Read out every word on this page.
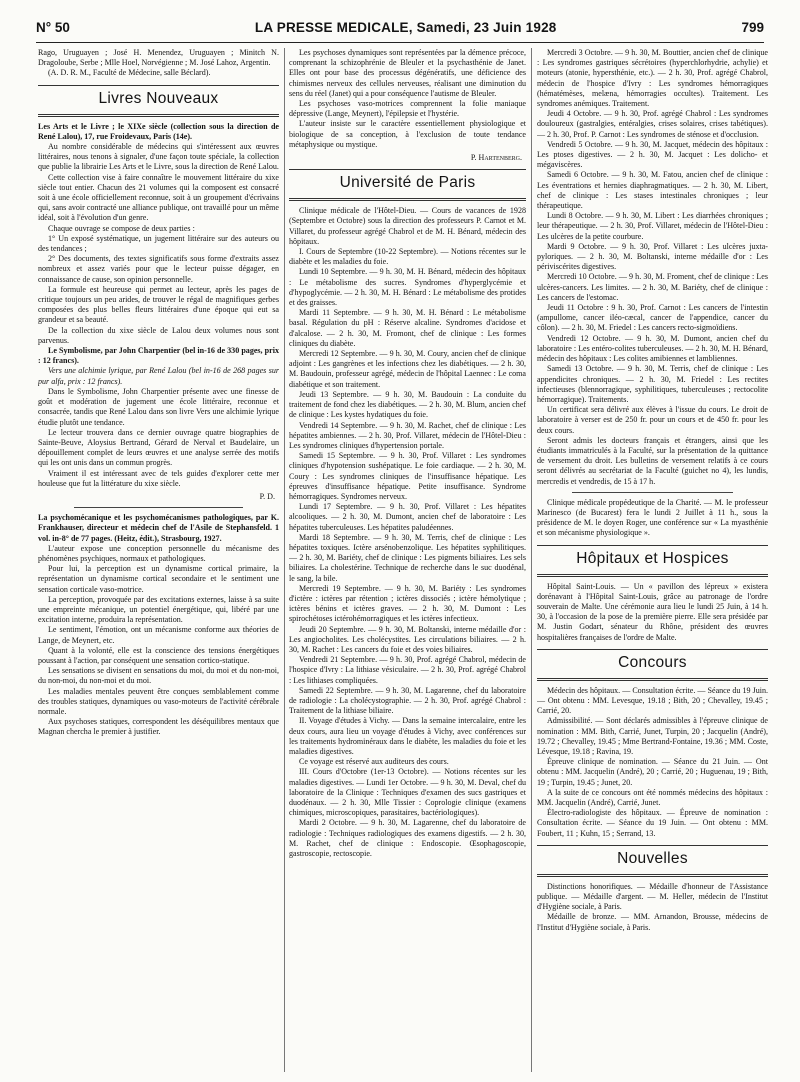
N° 50	LA PRESSE MEDICALE, Samedi, 23 Juin 1928	799

Rago, Uruguayen ; José H. Menendez, Uruguayen ; Minitch N. Dragoloube, Serbe ; Mlle Hoel, Norvégienne ; M. José Lahoz, Argentin.

(A. D. R. M., Faculté de Médecine, salle Béclard).

Livres Nouveaux

Les Arts et le Livre ; le XIXe siècle (collection sous la direction de René Lalou), 17, rue Froidevaux, Paris (14e).

Au nombre considérable de médecins qui s'intéressent aux œuvres littéraires, nous tenons à signaler, d'une façon toute spéciale, la collection que publie la librairie Les Arts et le Livre, sous la direction de René Lalou.

Cette collection vise à faire connaître le mouvement littéraire du xixe siècle tout entier. Chacun des 21 volumes qui la composent est consacré soit à une école officiellement reconnue, soit à un groupement d'écrivains qui, sans avoir contracté une alliance publique, ont travaillé pour un même idéal, soit à l'évolution d'un genre.

Chaque ouvrage se compose de deux parties :

1° Un exposé systématique, un jugement littéraire sur des auteurs ou des tendances ;

2° Des documents, des textes significatifs sous forme d'extraits assez nombreux et assez variés pour que le lecteur puisse dégager, en connaissance de cause, son opinion personnelle.

La formule est heureuse qui permet au lecteur, après les pages de critique toujours un peu arides, de trouver le régal de magnifiques gerbes composées des plus belles fleurs littéraires d'une époque qui eut sa grandeur et sa beauté.

De la collection du xixe siècle de Lalou deux volumes nous sont parvenus.

Le Symbolisme, par John Charpentier (bel in-16 de 330 pages, prix : 12 francs).

Vers une alchimie lyrique, par René Lalou (bel in-16 de 268 pages sur pur alfa, prix : 12 francs).

Dans le Symbolisme, John Charpentier présente avec une finesse de goût et modération de jugement une école littéraire, reconnue et consacrée, tandis que René Lalou dans son livre Vers une alchimie lyrique étudie plutôt une tendance.

Le lecteur trouvera dans ce dernier ouvrage quatre biographies de Sainte-Beuve, Aloysius Bertrand, Gérard de Nerval et Baudelaire, un dépouillement complet de leurs œuvres et une analyse serrée des motifs qui les ont unis dans un commun progrès.

Vraiment il est intéressant avec de tels guides d'explorer cette mer houleuse que fut la littérature du xixe siècle.

P. D.

La psychomécanique et les psychomécanismes pathologiques, par K. Frankhauser, directeur et médecin chef de l'Asile de Stephansfeld. 1 vol. in-8° de 77 pages. (Heitz, édit.), Strasbourg, 1927.

L'auteur expose une conception personnelle du mécanisme des phénomènes psychiques, normaux et pathologiques.

Pour lui, la perception est un dynamisme cortical primaire, la représentation un dynamisme cortical secondaire et le sentiment une sensation corticale vaso-motrice.

La perception, provoquée par des excitations externes, laisse à sa suite une empreinte mécanique, un potentiel énergétique, qui, libéré par une excitation interne, produira la représentation.

Le sentiment, l'émotion, ont un mécanisme conforme aux théories de Lange, de Meynert, etc.

Quant à la volonté, elle est la conscience des tensions énergétiques poussant à l'action, par conséquent une sensation cortico-statique.

Les sensations se divisent en sensations du moi, du moi et du non-moi, du non-moi, du non-moi et du moi.

Les maladies mentales peuvent être conçues semblablement comme des troubles statiques, dynamiques ou vaso-moteurs de l'activité cérébrale normale.

Aux psychoses statiques, correspondent les déséquilibres mentaux que Magnan chercha le premier à justifier.

Les psychoses dynamiques sont représentées par la démence précoce, comprenant la schizophrénie de Bleuler et la psychasthénie de Janet. Elles ont pour base des processus dégénératifs, une déficience des chimismes nerveux des cellules nerveuses, réalisant une diminution du sens du réel (Janet) qui a pour conséquence l'autisme de Bleuler.

Les psychoses vaso-motrices comprennent la folie maniaque dépressive (Lange, Meynert), l'épilepsie et l'hystérie.

L'auteur insiste sur le caractère essentiellement physiologique et biologique de sa conception, à l'exclusion de toute tendance métaphysique ou mystique.

P. Hartenberg.

Université de Paris

Clinique médicale de l'Hôtel-Dieu. — Cours de vacances de 1928 (Septembre et Octobre) sous la direction des professeurs P. Carnot et M. Villaret, du professeur agrégé Chabrol et de M. H. Bénard, médecin des hôpitaux.

I. Cours de Septembre (10-22 Septembre). — Notions récentes sur le diabète et les maladies du foie.

Lundi 10 Septembre. — 9 h. 30, M. H. Bénard, médecin des hôpitaux : Le métabolisme des sucres. Syndromes d'hyperglycémie et d'hypoglycémie. — 2 h. 30, M. H. Bénard : Le métabolisme des protides et des graisses.

Mardi 11 Septembre. — 9 h. 30, M. H. Bénard : Le métabolisme basal. Régulation du pH : Réserve alcaline. Syndromes d'acidose et d'alcalose. — 2 h. 30, M. Fromont, chef de clinique : Les formes cliniques du diabète.

Mercredi 12 Septembre. — 9 h. 30, M. Coury, ancien chef de clinique adjoint : Les gangrènes et les infections chez les diabétiques. — 2 h. 30, M. Baudouin, professeur agrégé, médecin de l'hôpital Laennec : Le coma diabétique et son traitement.

Jeudi 13 Septembre. — 9 h. 30, M. Baudouin : La conduite du traitement de fond chez les diabétiques. — 2 h. 30, M. Blum, ancien chef de clinique : Les kystes hydatiques du foie.

Vendredi 14 Septembre. — 9 h. 30, M. Rachet, chef de clinique : Les hépatites ambiennes. — 2 h. 30, Prof. Villaret, médecin de l'Hôtel-Dieu : Les syndromes cliniques d'hypertension portale.

Samedi 15 Septembre. — 9 h. 30, Prof. Villaret : Les syndromes cliniques d'hypotension sushépatique. Le foie cardiaque. — 2 h. 30, M. Coury : Les syndromes cliniques de l'insuffisance hépatique. Les épreuves d'insuffisance hépatique. Petite insuffisance. Syndrome hémorragiques. Syndromes nerveux.

Lundi 17 Septembre. — 9 h. 30, Prof. Villaret : Les hépatites alcooliques. — 2 h. 30, M. Dumont, ancien chef de laboratoire : Les hépatites tuberculeuses. Les hépatites paludéennes.

Mardi 18 Septembre. — 9 h. 30, M. Terris, chef de clinique : Les hépatites toxiques. Ictère arsénobenzolique. Les hépatites syphilitiques. — 2 h. 30, M. Bariéty, chef de clinique : Les pigments biliaires. Les sels biliaires. La cholestérine. Technique de recherche dans le suc duodénal, le sang, la bile.

Mercredi 19 Septembre. — 9 h. 30, M. Bariéty : Les syndromes d'ictère : ictères par rétention ; ictères dissociés ; ictère hémolytique ; ictères bénins et ictères graves. — 2 h. 30, M. Dumont : Les spirochétoses ictérohémorragiques et les ictères infectieux.

Jeudi 20 Septembre. — 9 h. 30, M. Boltanski, interne médaille d'or : Les angiocholites. Les cholécystites. Les circulations biliaires. — 2 h. 30, M. Rachet : Les cancers du foie et des voies biliaires.

Vendredi 21 Septembre. — 9 h. 30, Prof. agrégé Chabrol, médecin de l'hospice d'Ivry : La lithiase vésiculaire. — 2 h. 30, Prof. agrégé Chabrol : Les lithiases compliquées.

Samedi 22 Septembre. — 9 h. 30, M. Lagarenne, chef du laboratoire de radiologie : La cholécystographie. — 2 h. 30, Prof. agrégé Chabrol : Traitement de la lithiase biliaire.

II. Voyage d'études à Vichy. — Dans la semaine intercalaire, entre les deux cours, aura lieu un voyage d'études à Vichy, avec conférences sur les traitements hydrominéraux dans le diabète, les maladies du foie et les maladies digestives.

Ce voyage est réservé aux auditeurs des cours.

III. Cours d'Octobre (1er-13 Octobre). — Notions récentes sur les maladies digestives. — Lundi 1er Octobre. — 9 h. 30, M. Deval, chef du laboratoire de la Clinique : Techniques d'examen des sucs gastriques et duodénaux. — 2 h. 30, Mlle Tissier : Coprologie clinique (examens chimiques, microscopiques, parasitaires, bactériologiques).

Mardi 2 Octobre. — 9 h. 30, M. Lagarenne, chef du laboratoire de radiologie : Techniques radiologiques des examens digestifs. — 2 h. 30, M. Rachet, chef de clinique : Endoscopie. Œsophagoscopie, gastroscopie, rectoscopie.

Mercredi 3 Octobre. — 9 h. 30, M. Bouttier, ancien chef de clinique : Les syndromes gastriques sécrétoires (hyperchlorhydrie, achylie) et moteurs (atonie, hypersthénie, etc.). — 2 h. 30, Prof. agrégé Chabrol, médecin de l'hospice d'Ivry : Les syndromes hémorragiques (hématémèses, melæna, hémorragies occultes). Traitement. Les syndromes anémiques. Traitement.

Jeudi 4 Octobre. — 9 h. 30, Prof. agrégé Chabrol : Les syndromes douloureux (gastralgies, entéralgies, crises solaires, crises tabétiques). — 2 h. 30, Prof. P. Carnot : Les syndromes de sténose et d'occlusion.

Vendredi 5 Octobre. — 9 h. 30, M. Jacquet, médecin des hôpitaux : Les ptoses digestives. — 2 h. 30, M. Jacquet : Les dolicho- et mégaviscères.

Samedi 6 Octobre. — 9 h. 30, M. Fatou, ancien chef de clinique : Les éventrations et hernies diaphragmatiques. — 2 h. 30, M. Libert, chef de clinique : Les stases intestinales chroniques ; leur thérapeutique.

Lundi 8 Octobre. — 9 h. 30, M. Libert : Les diarrhées chroniques ; leur thérapeutique. — 2 h. 30, Prof. Villaret, médecin de l'Hôtel-Dieu : Les ulcères de la petite courbure.

Mardi 9 Octobre. — 9 h. 30, Prof. Villaret : Les ulcères juxta-pyloriques. — 2 h. 30, M. Boltanski, interne médaille d'or : Les périviscérites digestives.

Mercredi 10 Octobre. — 9 h. 30, M. Froment, chef de clinique : Les ulcères-cancers. Les limites. — 2 h. 30, M. Bariéty, chef de clinique : Les cancers de l'estomac.

Jeudi 11 Octobre : 9 h. 30, Prof. Carnot : Les cancers de l'intestin (ampullome, cancer iléo-cæcal, cancer de l'appendice, cancer du côlon). — 2 h. 30, M. Friedel : Les cancers recto-sigmoïdiens.

Vendredi 12 Octobre. — 9 h. 30, M. Dumont, ancien chef du laboratoire : Les entéro-colites tuberculeuses. — 2 h. 30, M. H. Bénard, médecin des hôpitaux : Les colites amibiennes et lambliennes.

Samedi 13 Octobre. — 9 h. 30, M. Terris, chef de clinique : Les appendicites chroniques. — 2 h. 30, M. Friedel : Les rectites infectieuses (blennorragique, syphilitiques, tuberculeuses ; rectocolite hémorragique). Traitements.

Un certificat sera délivré aux élèves à l'issue du cours. Le droit de laboratoire à verser est de 250 fr. pour un cours et de 450 fr. pour les deux cours.

Seront admis les docteurs français et étrangers, ainsi que les étudiants immatriculés à la Faculté, sur la présentation de la quittance de versement du droit. Les bulletins de versement relatifs à ce cours seront délivrés au secrétariat de la Faculté (guichet no 4), les lundis, mercredis et vendredis, de 15 à 17 h.

Clinique médicale propédeutique de la Charité. — M. le professeur Marinesco (de Bucarest) fera le lundi 2 Juillet à 11 h., sous la présidence de M. le doyen Roger, une conférence sur « La myasthénie et son mécanisme physiologique ».

Hôpitaux et Hospices

Hôpital Saint-Louis. — Un « pavillon des lépreux » existera dorénavant à l'Hôpital Saint-Louis, grâce au patronage de l'ordre souverain de Malte. Une cérémonie aura lieu le lundi 25 Juin, à 14 h. 30, à l'occasion de la pose de la première pierre. Elle sera présidée par M. Justin Godart, sénateur du Rhône, président des œuvres hospitalières françaises de l'ordre de Malte.

Concours

Médecin des hôpitaux. — Consultation écrite. — Séance du 19 Juin. — Ont obtenu : MM. Levesque, 19.18 ; Bith, 20 ; Chevalley, 19.45 ; Carrié, 20.

Admissibilité. — Sont déclarés admissibles à l'épreuve clinique de nomination : MM. Bith, Carrié, Junet, Turpin, 20 ; Jacquelin (André), 19.72 ; Chevalley, 19.45 ; Mme Bertrand-Fontaine, 19.36 ; MM. Coste, Lévesque, 19.18 ; Ravina, 19.

Épreuve clinique de nomination. — Séance du 21 Juin. — Ont obtenu : MM. Jacquelin (André), 20 ; Carrié, 20 ; Huguenau, 19 ; Bith, 19 ; Turpin, 19.45 ; Junet, 20.

A la suite de ce concours ont été nommés médecins des hôpitaux : MM. Jacquelin (André), Carrié, Junet.

Électro-radiologiste des hôpitaux. — Épreuve de nomination : Consultation écrite. — Séance du 19 Juin. — Ont obtenu : MM. Foubert, 11 ; Kuhn, 15 ; Serrand, 13.

Nouvelles

Distinctions honorifiques. — Médaille d'honneur de l'Assistance publique. — Médaille d'argent. — M. Heller, médecin de l'Institut d'Hygiène sociale, à Paris.

Médaille de bronze. — MM. Arnandon, Brousse, médecins de l'Institut d'Hygiène sociale, à Paris.
